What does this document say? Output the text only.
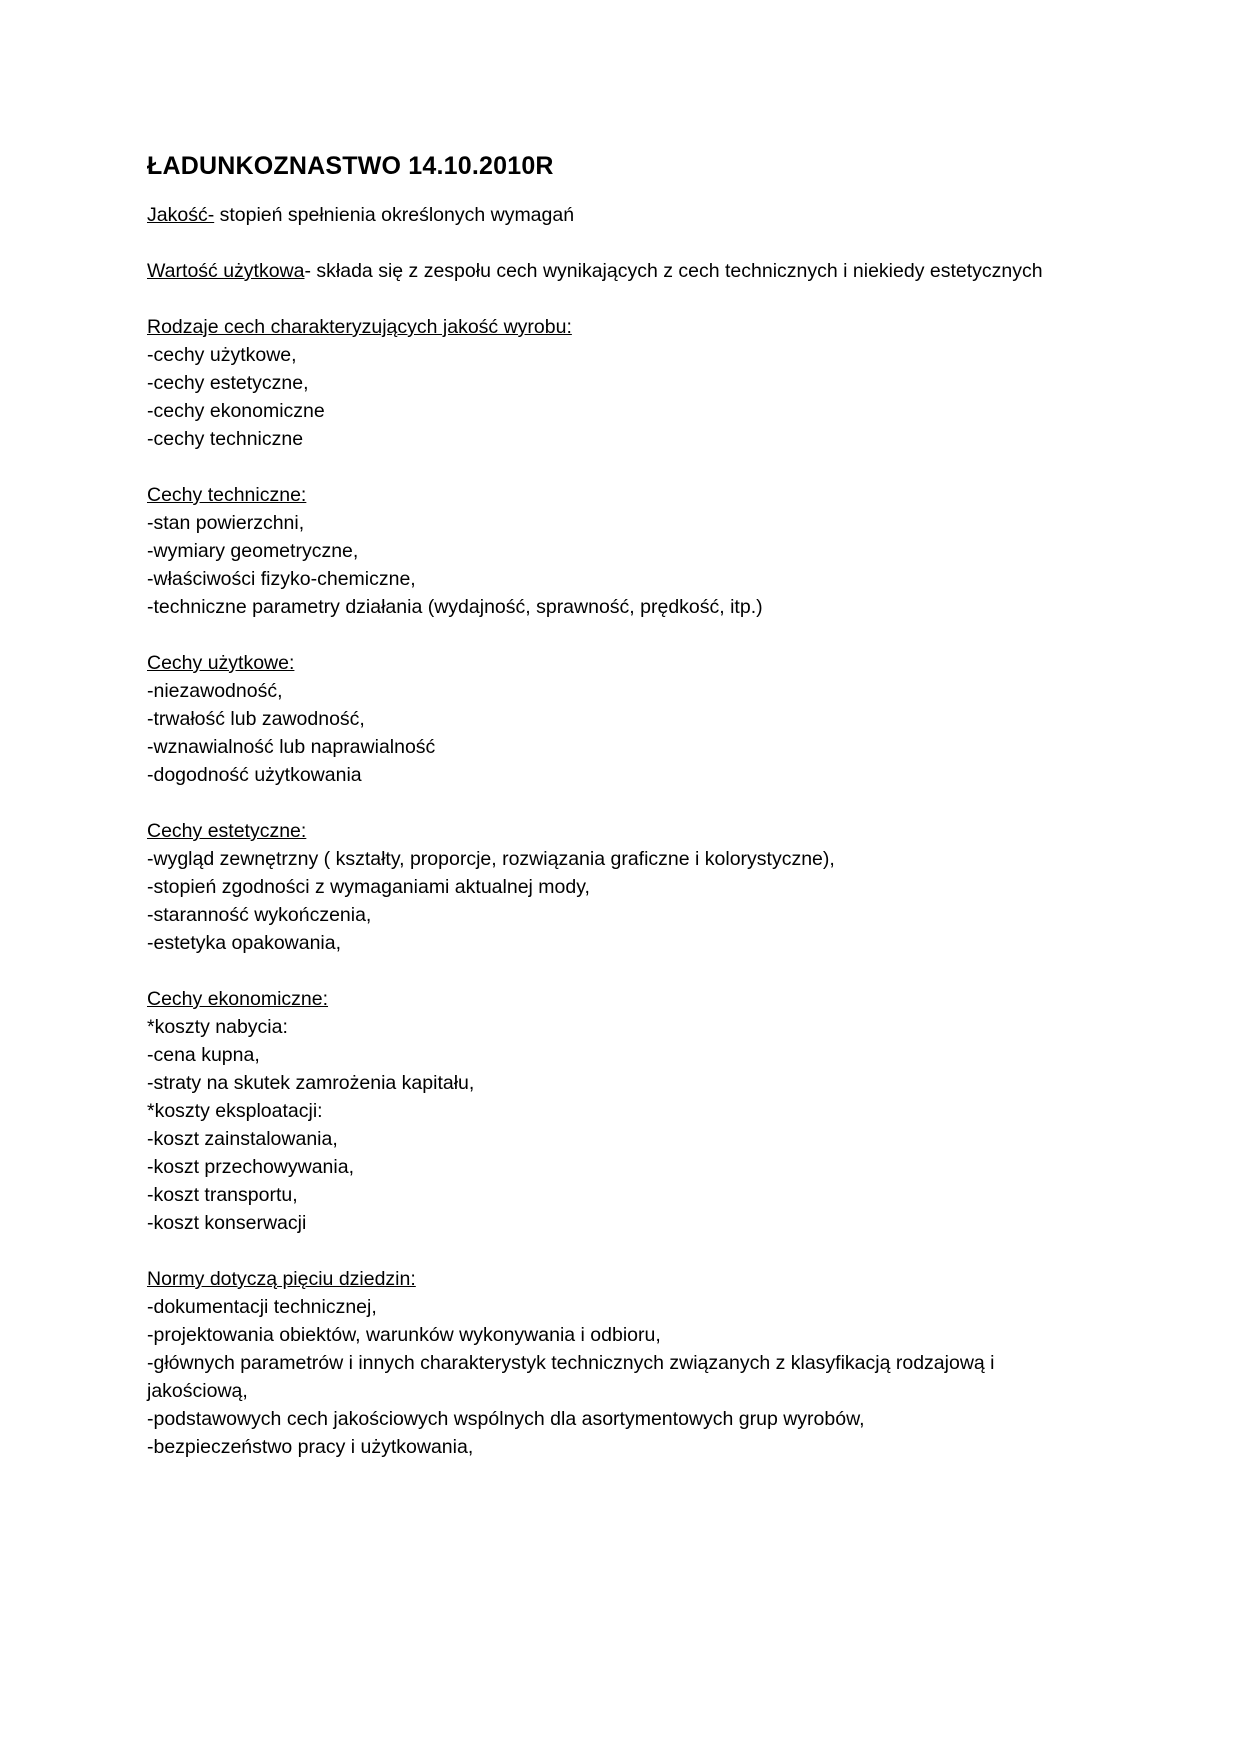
ŁADUNKOZNASTWO 14.10.2010R
Jakość- stopień spełnienia określonych wymagań
Wartość użytkowa- składa się z zespołu cech wynikających z cech technicznych i niekiedy estetycznych
Rodzaje cech charakteryzujących jakość wyrobu:
-cechy użytkowe,
-cechy estetyczne,
-cechy ekonomiczne
-cechy techniczne
Cechy techniczne:
-stan powierzchni,
-wymiary geometryczne,
-właściwości fizyko-chemiczne,
-techniczne parametry działania (wydajność, sprawność, prędkość, itp.)
Cechy użytkowe:
-niezawodność,
-trwałość lub zawodność,
-wznawialność lub naprawialność
-dogodność użytkowania
Cechy estetyczne:
-wygląd zewnętrzny ( kształty, proporcje, rozwiązania graficzne i kolorystyczne),
-stopień zgodności z wymaganiami aktualnej mody,
-staranność wykończenia,
-estetyka opakowania,
Cechy ekonomiczne:
*koszty nabycia:
-cena kupna,
-straty na skutek zamrożenia kapitału,
*koszty eksploatacji:
-koszt zainstalowania,
-koszt przechowywania,
-koszt transportu,
-koszt konserwacji
Normy dotyczą pięciu dziedzin:
-dokumentacji technicznej,
-projektowania obiektów, warunków wykonywania i odbioru,
-głównych parametrów i innych charakterystyk technicznych związanych z klasyfikacją rodzajową i jakościową,
-podstawowych cech jakościowych wspólnych dla asortymentowych grup wyrobów,
-bezpieczeństwo pracy i użytkowania,
